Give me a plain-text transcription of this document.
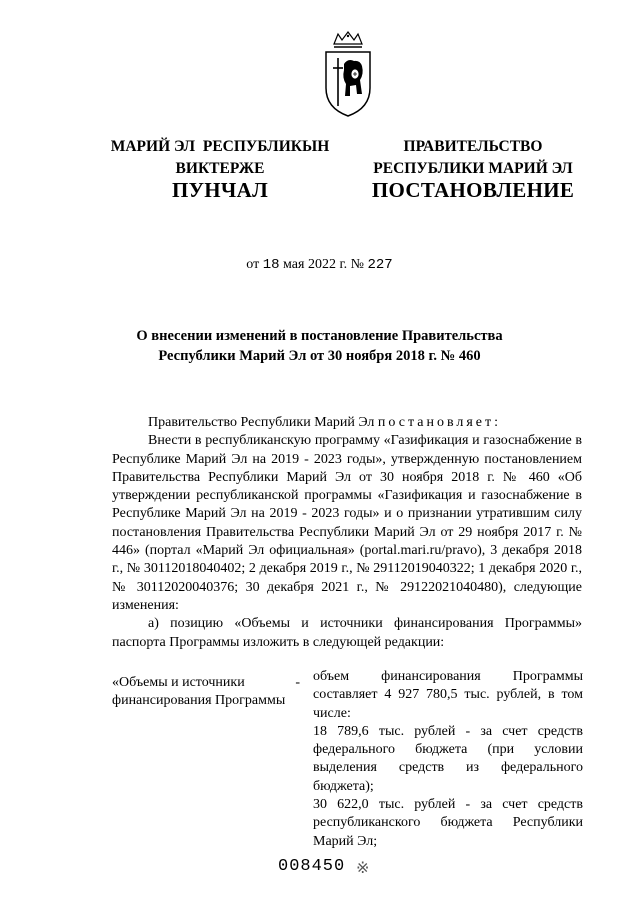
МАРИЙ ЭЛ  РЕСПУБЛИКЫН
ВИКТЕРЖЕ
ПРАВИТЕЛЬСТВО
РЕСПУБЛИКИ МАРИЙ ЭЛ
ПУНЧАЛ	ПОСТАНОВЛЕНИЕ
от 18 мая 2022 г. № 227
О внесении изменений в постановление Правительства
Республики Марий Эл от 30 ноября 2018 г. № 460

Правительство Республики Марий Эл постановляет:

Внести в республиканскую программу «Газификация и газоснабжение в Республике Марий Эл на 2019 - 2023 годы», утвержденную постановлением Правительства Республики Марий Эл от 30 ноября 2018 г. № 460 «Об утверждении республиканской программы «Газификация и газоснабжение в Республике Марий Эл на 2019 - 2023 годы» и о признании утратившим силу постановления Правительства Республики Марий Эл от 29 ноября 2017 г. № 446» (портал «Марий Эл официальная» (portal.mari.ru/pravo), 3 декабря 2018 г., № 30112018040402; 2 декабря 2019 г., № 29112019040322; 1 декабря 2020 г., № 30112020040376; 30 декабря 2021 г., № 29122021040480), следующие изменения:

а) позицию «Объемы и источники финансирования Программы» паспорта Программы изложить в следующей редакции:

«Объемы и источники финансирования Программы
- объем финансирования Программы составляет 4 927 780,5 тыс. рублей, в том числе:

18 789,6 тыс. рублей - за счет средств федерального бюджета (при условии выделения средств из федерального бюджета);

30 622,0 тыс. рублей - за счет средств республиканского бюджета Республики Марий Эл;

008450 ※
